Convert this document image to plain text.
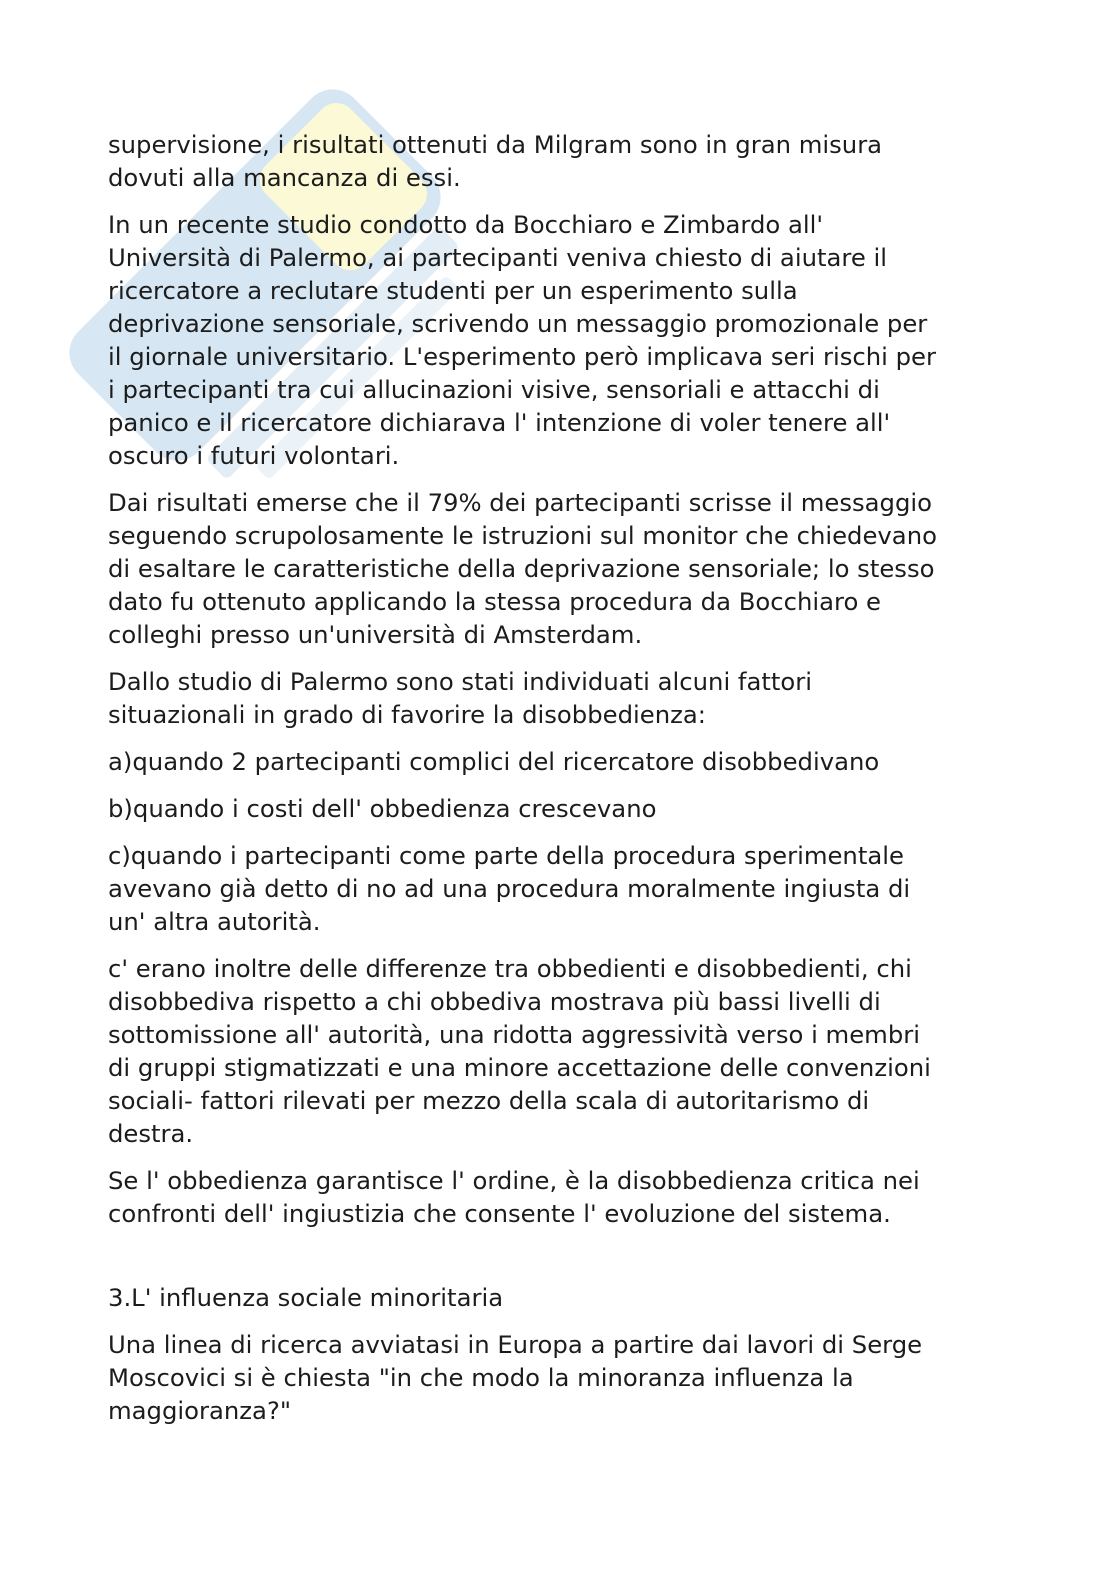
supervisione, i risultati ottenuti da Milgram sono in gran misura
dovuti alla mancanza di essi.

In un recente studio condotto da Bocchiaro e Zimbardo all'
Università di Palermo, ai partecipanti veniva chiesto di aiutare il
ricercatore a reclutare studenti per un esperimento sulla
deprivazione sensoriale, scrivendo un messaggio promozionale per
il giornale universitario. L'esperimento però implicava seri rischi per
i partecipanti tra cui allucinazioni visive, sensoriali e attacchi di
panico e il ricercatore dichiarava l' intenzione di voler tenere all'
oscuro i futuri volontari.

Dai risultati emerse che il 79% dei partecipanti scrisse il messaggio
seguendo scrupolosamente le istruzioni sul monitor che chiedevano
di esaltare le caratteristiche della deprivazione sensoriale; lo stesso
dato fu ottenuto applicando la stessa procedura da Bocchiaro e
colleghi presso un'università di Amsterdam.

Dallo studio di Palermo sono stati individuati alcuni fattori
situazionali in grado di favorire la disobbedienza:

a)quando 2 partecipanti complici del ricercatore disobbedivano

b)quando i costi dell' obbedienza crescevano

c)quando i partecipanti come parte della procedura sperimentale
avevano già detto di no ad una procedura moralmente ingiusta di
un' altra autorità.

c' erano inoltre delle differenze tra obbedienti e disobbedienti, chi
disobbediva rispetto a chi obbediva mostrava più bassi livelli di
sottomissione all' autorità, una ridotta aggressività verso i membri
di gruppi stigmatizzati e una minore accettazione delle convenzioni
sociali- fattori rilevati per mezzo della scala di autoritarismo di
destra.

Se l' obbedienza garantisce l' ordine, è la disobbedienza critica nei
confronti dell' ingiustizia che consente l' evoluzione del sistema.

3.L' influenza sociale minoritaria

Una linea di ricerca avviatasi in Europa a partire dai lavori di Serge
Moscovici si è chiesta "in che modo la minoranza influenza la
maggioranza?"
